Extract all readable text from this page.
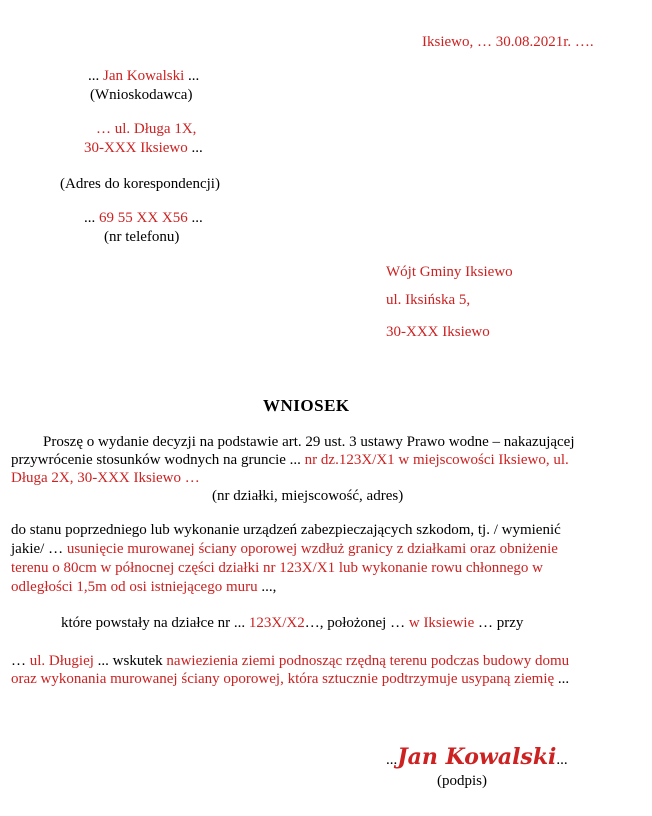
Iksiewo, … 30.08.2021r. ….
... Jan Kowalski ...
(Wnioskodawca)
… ul. Długa 1X,
30-XXX Iksiewo ...
(Adres do korespondencji)
... 69 55 XX X56 ...
(nr telefonu)
Wójt Gminy Iksiewo
ul. Iksińska 5,
30-XXX Iksiewo
WNIOSEK
Proszę o wydanie decyzji na podstawie art. 29 ust. 3 ustawy Prawo wodne – nakazującej
przywrócenie stosunków wodnych na gruncie ... nr dz.123X/X1 w miejscowości Iksiewo, ul.
Długa 2X, 30-XXX Iksiewo …
(nr działki, miejscowość, adres)
do stanu poprzedniego lub wykonanie urządzeń zabezpieczających szkodom, tj. / wymienić
jakie/ … usunięcie murowanej ściany oporowej wzdłuż granicy z działkami oraz obniżenie
terenu o 80cm w północnej części działki nr 123X/X1 lub wykonanie rowu chłonnego w
odległości 1,5m od osi istniejącego muru ...,
które powstały na działce nr ... 123X/X2…, położonej … w Iksiewie … przy
… ul. Długiej ... wskutek nawiezienia ziemi podnosząc rzędną terenu podczas budowy domu
oraz wykonania murowanej ściany oporowej, która sztucznie podtrzymuje usypaną ziemię ...
...Jan Kowalski...
(podpis)
